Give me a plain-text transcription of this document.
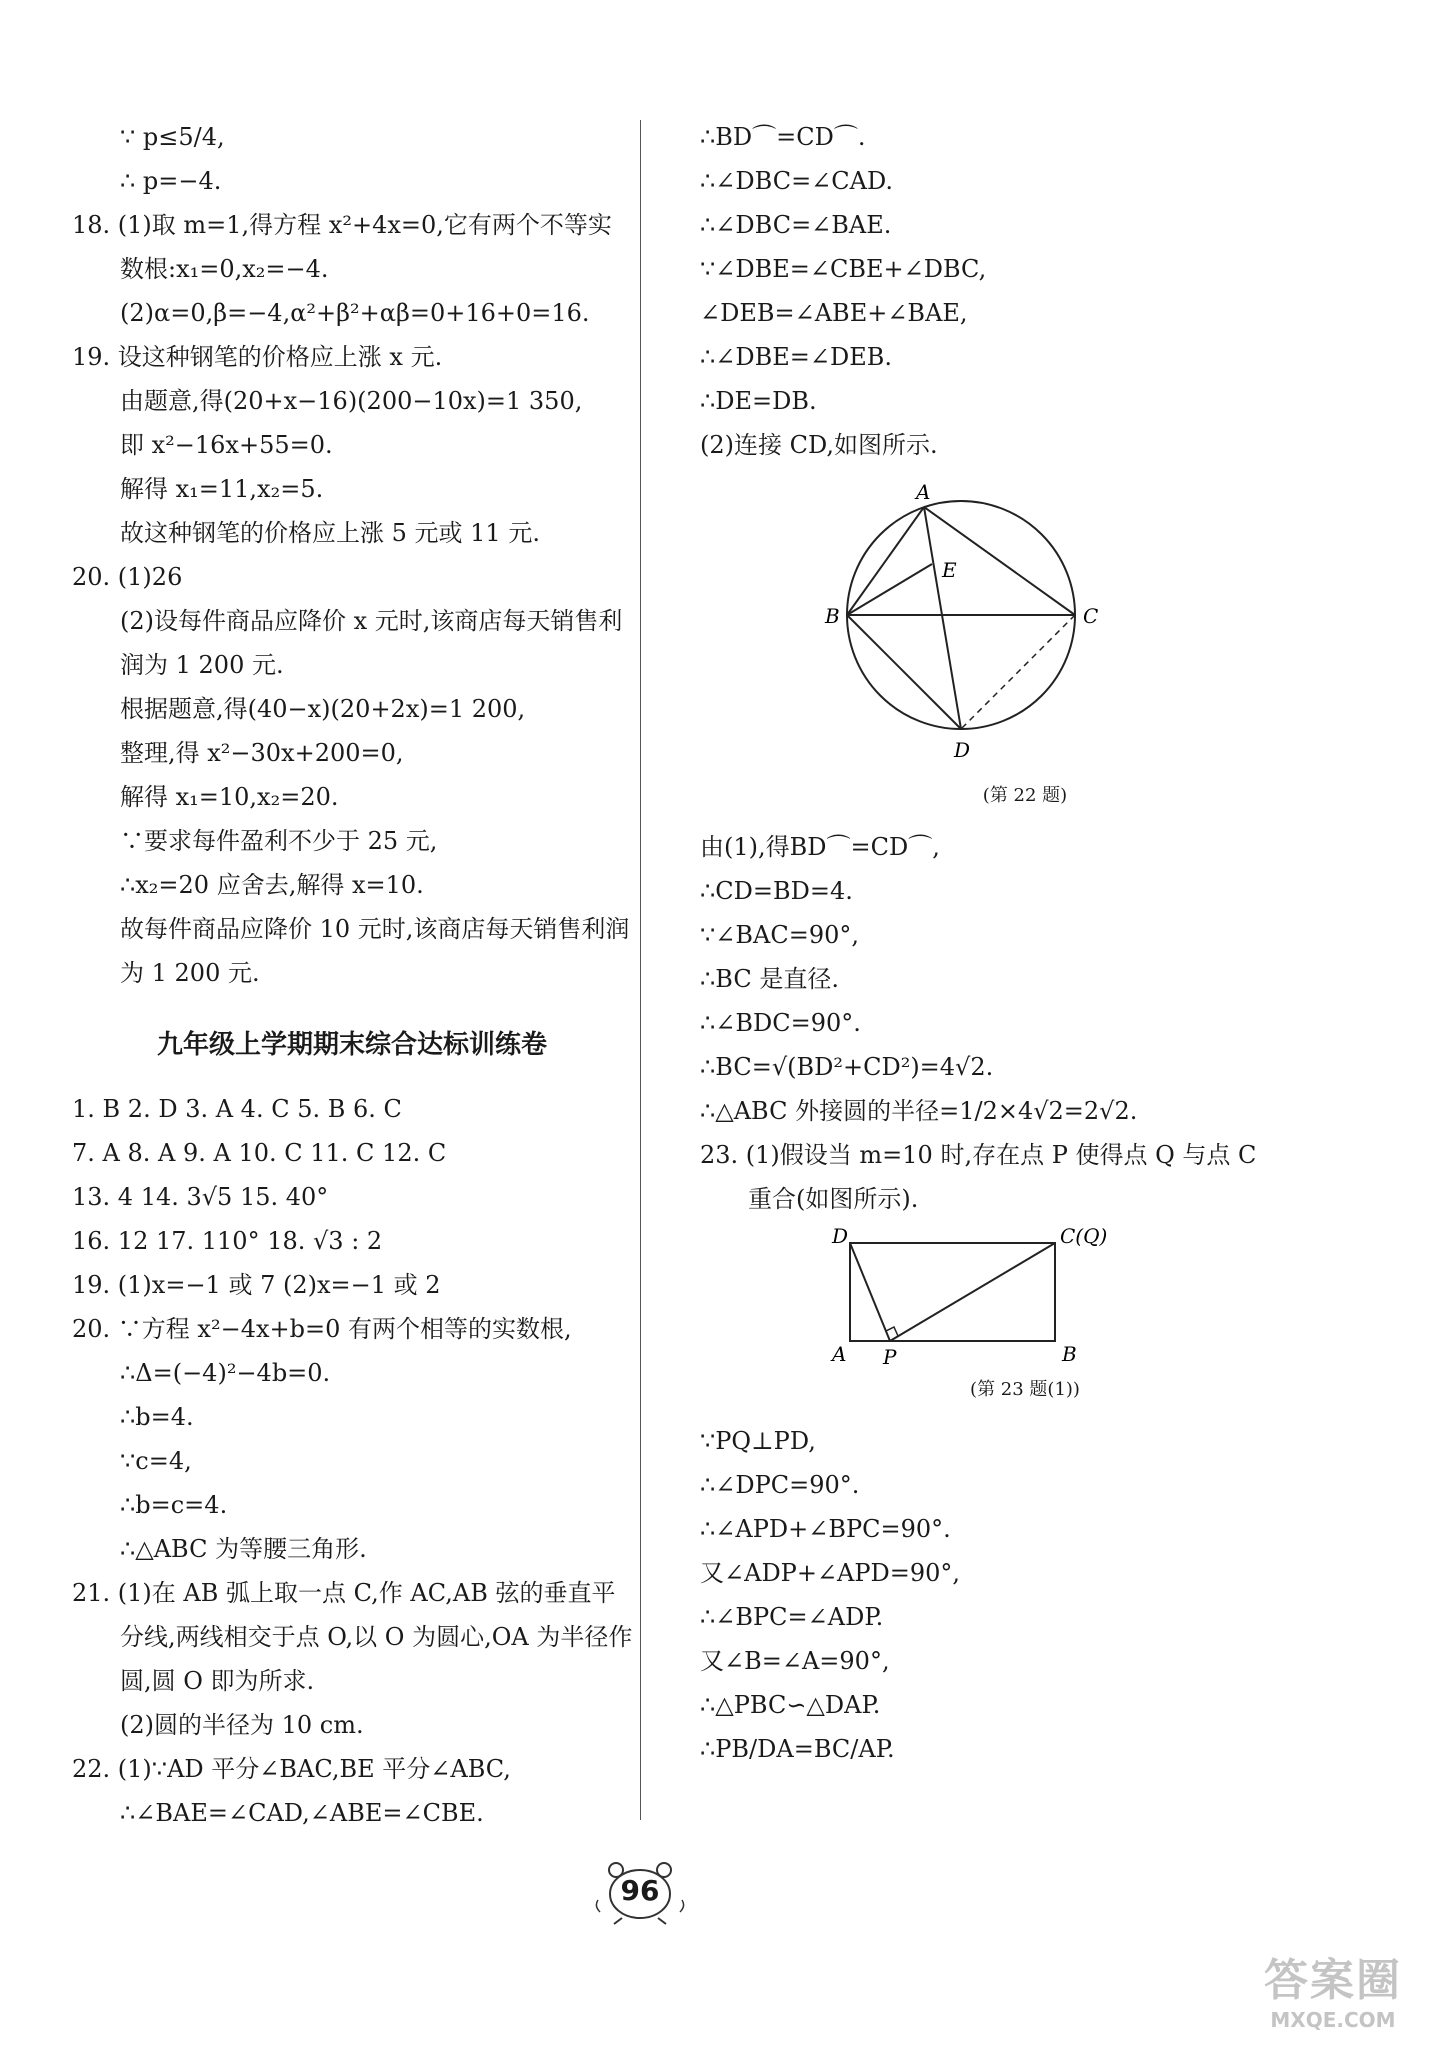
∵ p≤5/4,
∴ p=−4.
18. (1)取 m=1,得方程 x²+4x=0,它有两个不等实
数根:x₁=0,x₂=−4.
(2)α=0,β=−4,α²+β²+αβ=0+16+0=16.
19. 设这种钢笔的价格应上涨 x 元.
由题意,得(20+x−16)(200−10x)=1 350,
即 x²−16x+55=0.
解得 x₁=11,x₂=5.
故这种钢笔的价格应上涨 5 元或 11 元.
20. (1)26
(2)设每件商品应降价 x 元时,该商店每天销售利
润为 1 200 元.
根据题意,得(40−x)(20+2x)=1 200,
整理,得 x²−30x+200=0,
解得 x₁=10,x₂=20.
∵要求每件盈利不少于 25 元,
∴x₂=20 应舍去,解得 x=10.
故每件商品应降价 10 元时,该商店每天销售利润
为 1 200 元.
九年级上学期期末综合达标训练卷
1. B 2. D 3. A 4. C 5. B 6. C
7. A 8. A 9. A 10. C 11. C 12. C
13. 4 14. 3√5 15. 40°
16. 12 17. 110° 18. √3 : 2
19. (1)x=−1 或 7 (2)x=−1 或 2
20. ∵方程 x²−4x+b=0 有两个相等的实数根,
∴Δ=(−4)²−4b=0.
∴b=4.
∵c=4,
∴b=c=4.
∴△ABC 为等腰三角形.
21. (1)在 AB 弧上取一点 C,作 AC,AB 弦的垂直平
分线,两线相交于点 O,以 O 为圆心,OA 为半径作
圆,圆 O 即为所求.
(2)圆的半径为 10 cm.
22. (1)∵AD 平分∠BAC,BE 平分∠ABC,
∴∠BAE=∠CAD,∠ABE=∠CBE.
∴BD⌒=CD⌒.
∴∠DBC=∠CAD.
∴∠DBC=∠BAE.
∵∠DBE=∠CBE+∠DBC,
∠DEB=∠ABE+∠BAE,
∴∠DBE=∠DEB.
∴DE=DB.
(2)连接 CD,如图所示.
A
E
B	C
D
(第 22 题)
由(1),得BD⌒=CD⌒,
∴CD=BD=4.
∵∠BAC=90°,
∴BC 是直径.
∴∠BDC=90°.
∴BC=√(BD²+CD²)=4√2.
∴△ABC 外接圆的半径=1/2×4√2=2√2.
23. (1)假设当 m=10 时,存在点 P 使得点 Q 与点 C
重合(如图所示).
D	C(Q)
A P	B
(第 23 题(1))
∵PQ⊥PD,
∴∠DPC=90°.
∴∠APD+∠BPC=90°.
又∠ADP+∠APD=90°,
∴∠BPC=∠ADP.
又∠B=∠A=90°,
∴△PBC∽△DAP.
∴PB/DA=BC/AP.
96
答案圈
MXQE.COM
